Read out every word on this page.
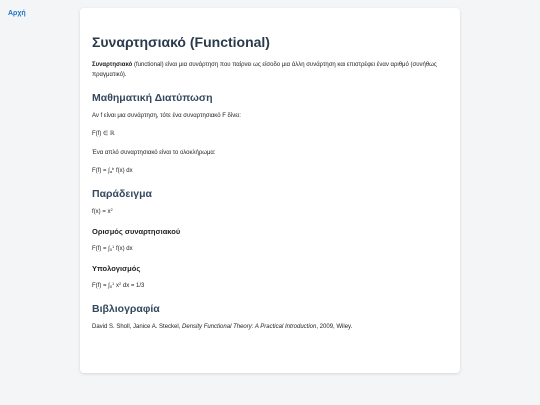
Αρχή
Συναρτησιακό (Functional)

Συναρτησιακό (functional) είναι μια συνάρτηση που παίρνει ως είσοδο μια άλλη συνάρτηση και επιστρέφει έναν αριθμό (συνήθως πραγματικό).

Μαθηματική Διατύπωση

Αν f είναι μια συνάρτηση, τότε ένα συναρτησιακό F δίνει:

F(f) ∈ ℝ

Ένα απλό συναρτησιακό είναι το ολοκλήρωμα:

$F(f) = \int_a^b$ f(x) dx

Παράδειγμα

$f(x) = x^2$

Ορισμός συναρτησιακού

$F(f) = \int_0^1$ f(x) dx

Υπολογισμός

$F(f) = \int_0^1$ $x^2$ dx = 1/3

Βιβλιογραφία

David S. Sholl, Janice A. Steckel, Density Functional Theory: A Practical Introduction, 2009, Wiley.
